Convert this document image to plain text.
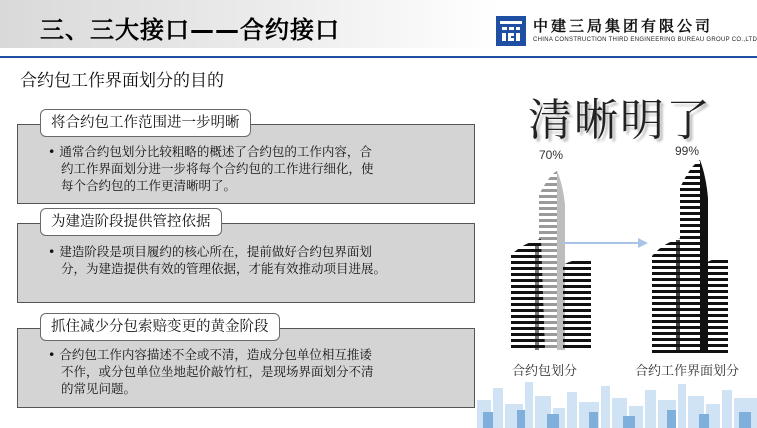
三、三大接口——合约接口	中建三局集团有限公司
CHINA CONSTRUCTION THIRD ENGINEERING BUREAU GROUP CO.,LTD
合约包工作界面划分的目的
将合约包工作范围进一步明晰
• 通常合约包划分比较粗略的概述了合约包的工作内容，合
约工作界面划分进一步将每个合约包的工作进行细化，使
每个合约包的工作更清晰明了。
为建造阶段提供管控依据
• 建造阶段是项目履约的核心所在，提前做好合约包界面划
分，为建造提供有效的管理依据，才能有效推动项目进展。
抓住减少分包索赔变更的黄金阶段
• 合约包工作内容描述不全或不清，造成分包单位相互推诿
不作，或分包单位坐地起价敲竹杠，是现场界面划分不清
的常见问题。
清晰明了
70%	99%
合约包划分	合约工作界面划分
